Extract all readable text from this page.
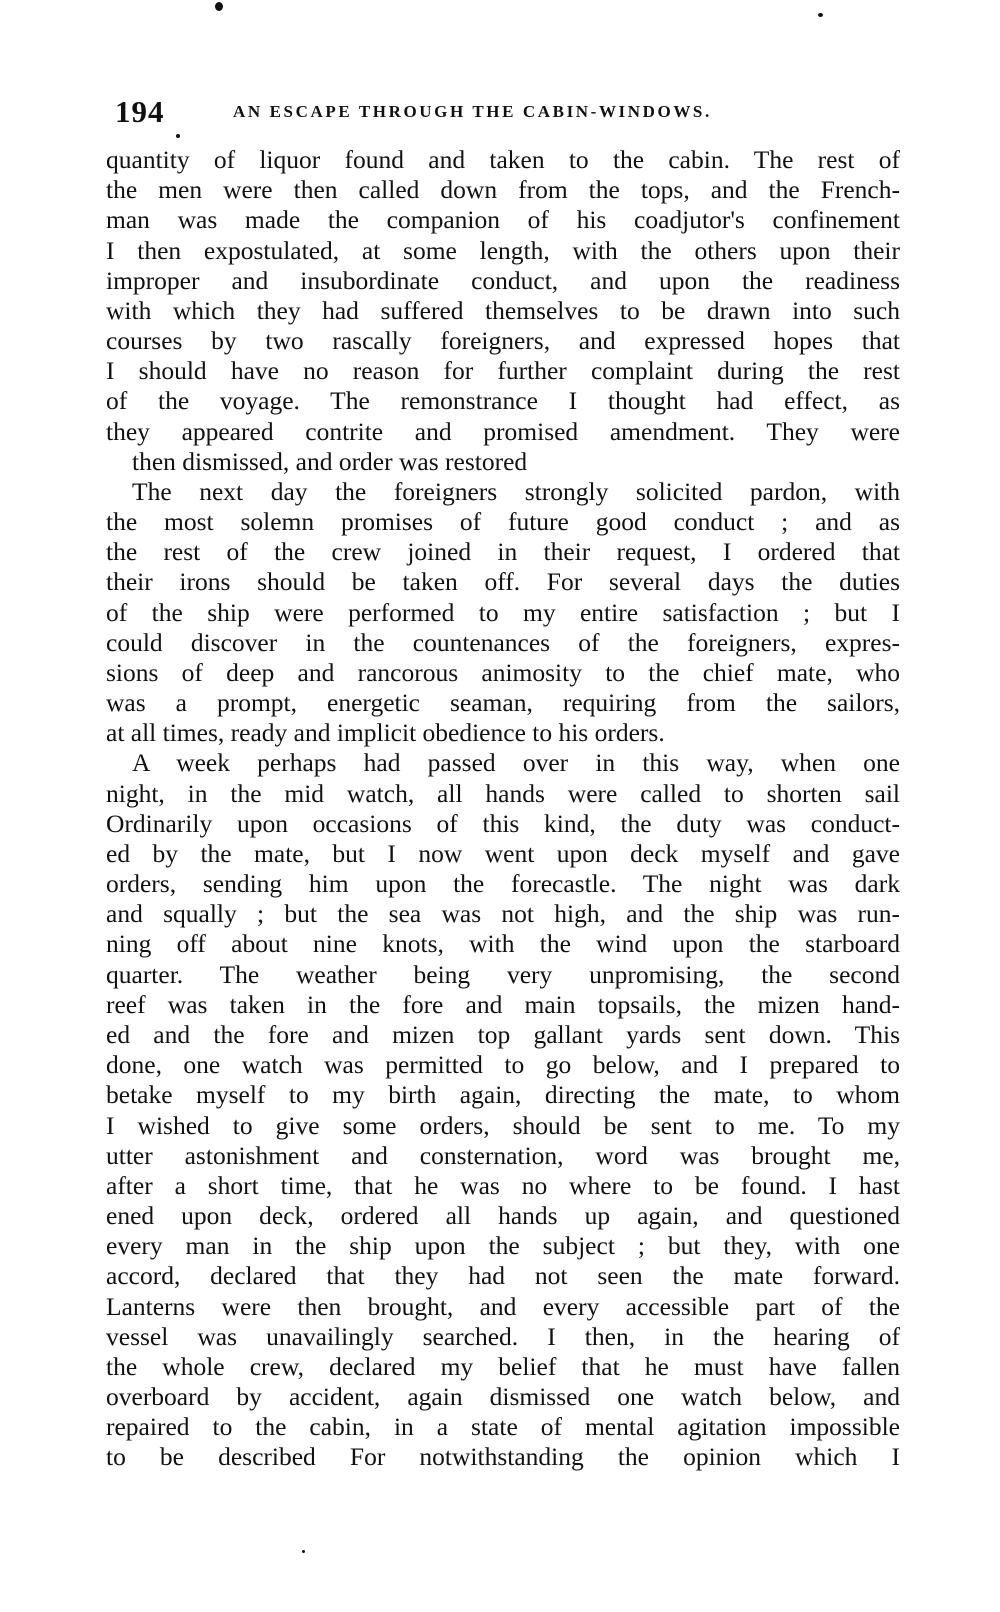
194	AN ESCAPE THROUGH THE CABIN-WINDOWS.
quantity of liquor found and taken to the cabin. The rest of
the men were then called down from the tops, and the French-
man was made the companion of his coadjutor's confinement
I then expostulated, at some length, with the others upon their
improper and insubordinate conduct, and upon the readiness
with which they had suffered themselves to be drawn into such
courses by two rascally foreigners, and expressed hopes that
I should have no reason for further complaint during the rest
of the voyage. The remonstrance I thought had effect, as
they appeared contrite and promised amendment. They were
then dismissed, and order was restored
The next day the foreigners strongly solicited pardon, with
the most solemn promises of future good conduct ; and as
the rest of the crew joined in their request, I ordered that
their irons should be taken off. For several days the duties
of the ship were performed to my entire satisfaction ; but I
could discover in the countenances of the foreigners, expres-
sions of deep and rancorous animosity to the chief mate, who
was a prompt, energetic seaman, requiring from the sailors,
at all times, ready and implicit obedience to his orders.
A week perhaps had passed over in this way, when one
night, in the mid watch, all hands were called to shorten sail
Ordinarily upon occasions of this kind, the duty was conduct-
ed by the mate, but I now went upon deck myself and gave
orders, sending him upon the forecastle. The night was dark
and squally ; but the sea was not high, and the ship was run-
ning off about nine knots, with the wind upon the starboard
quarter. The weather being very unpromising, the second
reef was taken in the fore and main topsails, the mizen hand-
ed and the fore and mizen top gallant yards sent down. This
done, one watch was permitted to go below, and I prepared to
betake myself to my birth again, directing the mate, to whom
I wished to give some orders, should be sent to me. To my
utter astonishment and consternation, word was brought me,
after a short time, that he was no where to be found. I hast
ened upon deck, ordered all hands up again, and questioned
every man in the ship upon the subject ; but they, with one
accord, declared that they had not seen the mate forward.
Lanterns were then brought, and every accessible part of the
vessel was unavailingly searched. I then, in the hearing of
the whole crew, declared my belief that he must have fallen
overboard by accident, again dismissed one watch below, and
repaired to the cabin, in a state of mental agitation impossible
to be described For notwithstanding the opinion which I
